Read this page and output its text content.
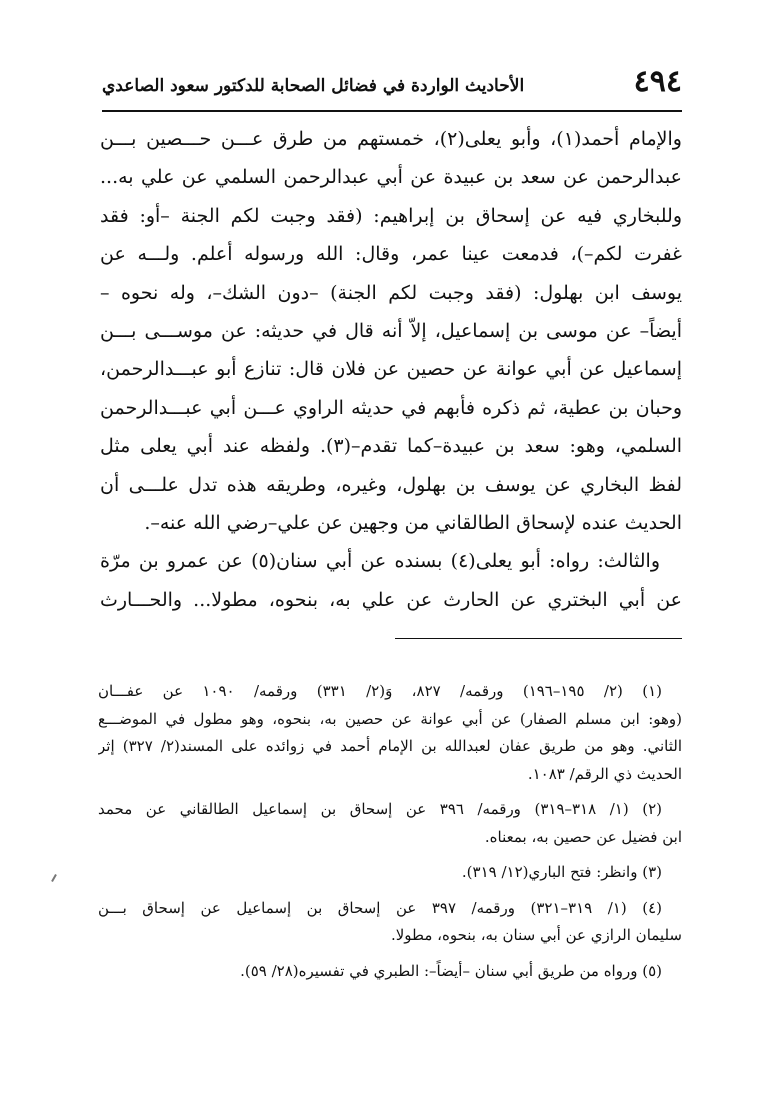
٤٩٤
الأحاديث الواردة في فضائل الصحابة للدكتور سعود الصاعدي
والإمام أحمد(١)، وأبو يعلى(٢)، خمستهم من طرق عـــن حـــصين بـــن
عبدالرحمن عن سعد بن عبيدة عن أبي عبدالرحمن السلمي عن علي به...
وللبخاري فيه عن إسحاق بن إبراهيم: (فقد وجبت لكم الجنة –أو: فقد
غفرت لكم–)، فدمعت عينا عمر، وقال: الله ورسوله أعلم. ولـــه عن
يوسف ابن بهلول: (فقد وجبت لكم الجنة) –دون الشك–، وله نحوه –
أيضاً– عن موسى بن إسماعيل، إلاّ أنه قال في حديثه: عن موســـى بـــن
إسماعيل عن أبي عوانة عن حصين عن فلان قال: تنازع أبو عبـــدالرحمن،
وحبان بن عطية، ثم ذكره فأبهم في حديثه الراوي عـــن أبي عبـــدالرحمن
السلمي، وهو: سعد بن عبيدة–كما تقدم–(٣). ولفظه عند أبي يعلى مثل
لفظ البخاري عن يوسف بن بهلول، وغيره، وطريقه هذه تدل علـــى أن
الحديث عنده لإسحاق الطالقاني من وجهين عن علي–رضي الله عنه–.
والثالث: رواه: أبو يعلى(٤) بسنده عن أبي سنان(٥) عن عمرو بن مرّة
عن أبي البختري عن الحارث عن علي به، بنحوه، مطولا... والحـــارث
(١) (٢/ ١٩٥–١٩٦) ورقمه/ ٨٢٧، وَ(٢/ ٣٣١) ورقمه/ ١٠٩٠ عن عفـــان
(وهو: ابن مسلم الصفار) عن أبي عوانة عن حصين به، بنحوه، وهو مطول في الموضـــع
الثاني. وهو من طريق عفان لعبدالله بن الإمام أحمد في زوائده على المسند(٢/ ٣٢٧) إثر
الحديث ذي الرقم/ ١٠٨٣.
(٢) (١/ ٣١٨–٣١٩) ورقمه/ ٣٩٦ عن إسحاق بن إسماعيل الطالقاني عن محمد
ابن فضيل عن حصين به، بمعناه.
(٣) وانظر: فتح الباري(١٢/ ٣١٩).
(٤) (١/ ٣١٩–٣٢١) ورقمه/ ٣٩٧ عن إسحاق بن إسماعيل عن إسحاق بـــن
سليمان الرازي عن أبي سنان به، بنحوه، مطولا.
(٥) ورواه من طريق أبي سنان –أيضاً–: الطبري في تفسيره(٢٨/ ٥٩).
